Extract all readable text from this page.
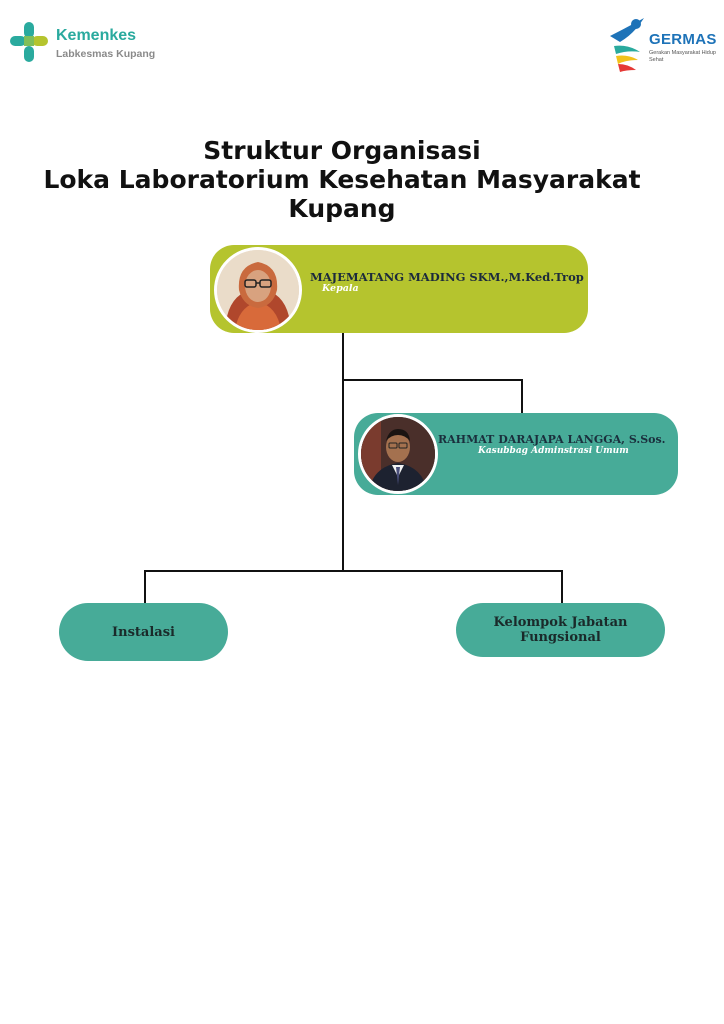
Kemenkes
Labkesmas Kupang
GERMAS
Gerakan Masyarakat Hidup Sehat
Struktur Organisasi
Loka Laboratorium Kesehatan Masyarakat
Kupang
MAJEMATANG MADING SKM.,M.Ked.Trop
Kepala
RAHMAT DARAJAPA LANGGA, S.Sos.
Kasubbag Adminstrasi Umum
Instalasi
Kelompok Jabatan
Fungsional
